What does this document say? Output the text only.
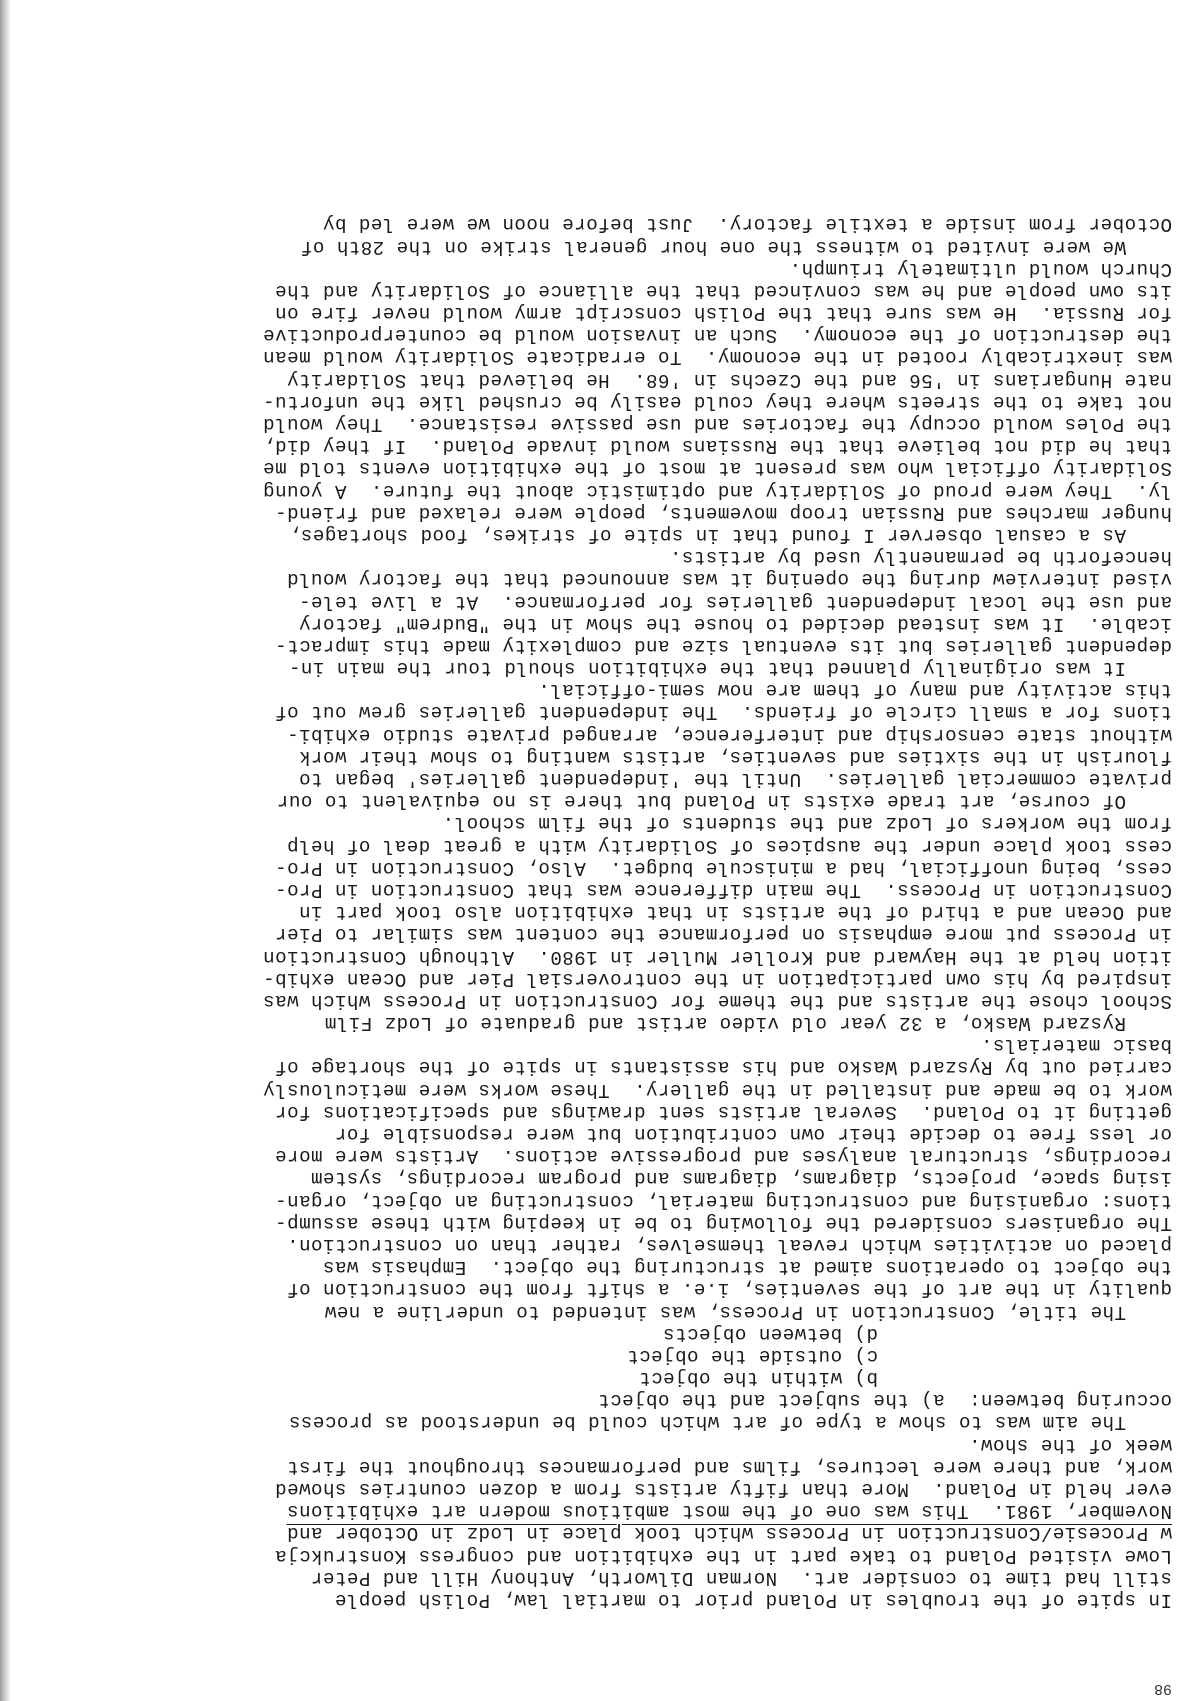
98
In spite of the troubles in Poland prior to martial law, Polish people
still had time to consider art.  Norman Dilworth, Anthony Hill and Peter
Lowe visited Poland to take part in the exhibition and congress Konstrukcja
w Procesie/Construction in Process which took place in Lodz in October and
November, 1981.  This was one of the most ambitious modern art exhibitions
ever held in Poland.  More than fifty artists from a dozen countries showed
work, and there were lectures, films and performances throughout the first
week of the show.
The aim was to show a type of art which could be understood as process
occuring between:  a) the subject and the object
b) within the object
c) outside the object
d) between objects
The title, Construction in Process, was intended to underline a new
quality in the art of the seventies, i.e. a shift from the construction of
the object to operations aimed at structuring the object.  Emphasis was
placed on activities which reveal themselves, rather than on construction.
The organisers considered the following to be in keeping with these assump-
tions: organising and constructing material, constructing an object, organ-
ising space, projects, diagrams, diagrams and program recordings, system
recordings, structural analyses and progressive actions.  Artists were more
or less free to decide their own contribution but were responsible for
getting it to Poland.  Several artists sent drawings and specifications for
work to be made and installed in the gallery.  These works were meticulously
carried out by Ryszard Wasko and his assistants in spite of the shortage of
basic materials.
Ryszard Wasko, a 32 year old video artist and graduate of Lodz Film
School chose the artists and the theme for Construction in Process which was
inspired by his own participation in the controversial Pier and Ocean exhib-
ition held at the Hayward and Kroller Muller in 1980.  Although Construction
in Process put more emphasis on performance the content was similar to Pier
and Ocean and a third of the artists in that exhibition also took part in
Construction in Process.  The main difference was that Construction in Pro-
cess, being unofficial, had a miniscule budget.  Also, Construction in Pro-
cess took place under the auspices of Solidarity with a great deal of help
from the workers of Lodz and the students of the film school.
Of course, art trade exists in Poland but there is no equivalent to our
private commercial galleries.  Until the 'independent galleries' began to
flourish in the sixties and seventies, artists wanting to show their work
without state censorship and interference, arranged private studio exhibi-
tions for a small circle of friends.  The independent galleries grew out of
this activity and many of them are now semi-official.
It was originally planned that the exhibition should tour the main in-
dependent galleries but its eventual size and complexity made this impract-
icable.  It was instead decided to house the show in the "Budrem" factory
and use the local independent galleries for performance.  At a live tele-
vised interview during the opening it was announced that the factory would
henceforth be permanently used by artists.
As a casual observer I found that in spite of strikes, food shortages,
hunger marches and Russian troop movements, people were relaxed and friend-
ly.  They were proud of Solidarity and optimistic about the future.  A young
Solidarity official who was present at most of the exhibition events told me
that he did not believe that the Russians would invade Poland.  If they did,
the Poles would occupy the factories and use passive resistance.  They would
not take to the streets where they could easily be crushed like the unfortu-
nate Hungarians in '56 and the Czechs in '68.  He believed that Solidarity
was inextricably rooted in the economy.  To erradicate Solidarity would mean
the destruction of the economy.  Such an invasion would be counterproductive
for Russia.  He was sure that the Polish conscript army would never fire on
its own people and he was convinced that the alliance of Solidarity and the
Church would ultimately triumph.
We were invited to witness the one hour general strike on the 28th of
October from inside a textile factory.  Just before noon we were led by
